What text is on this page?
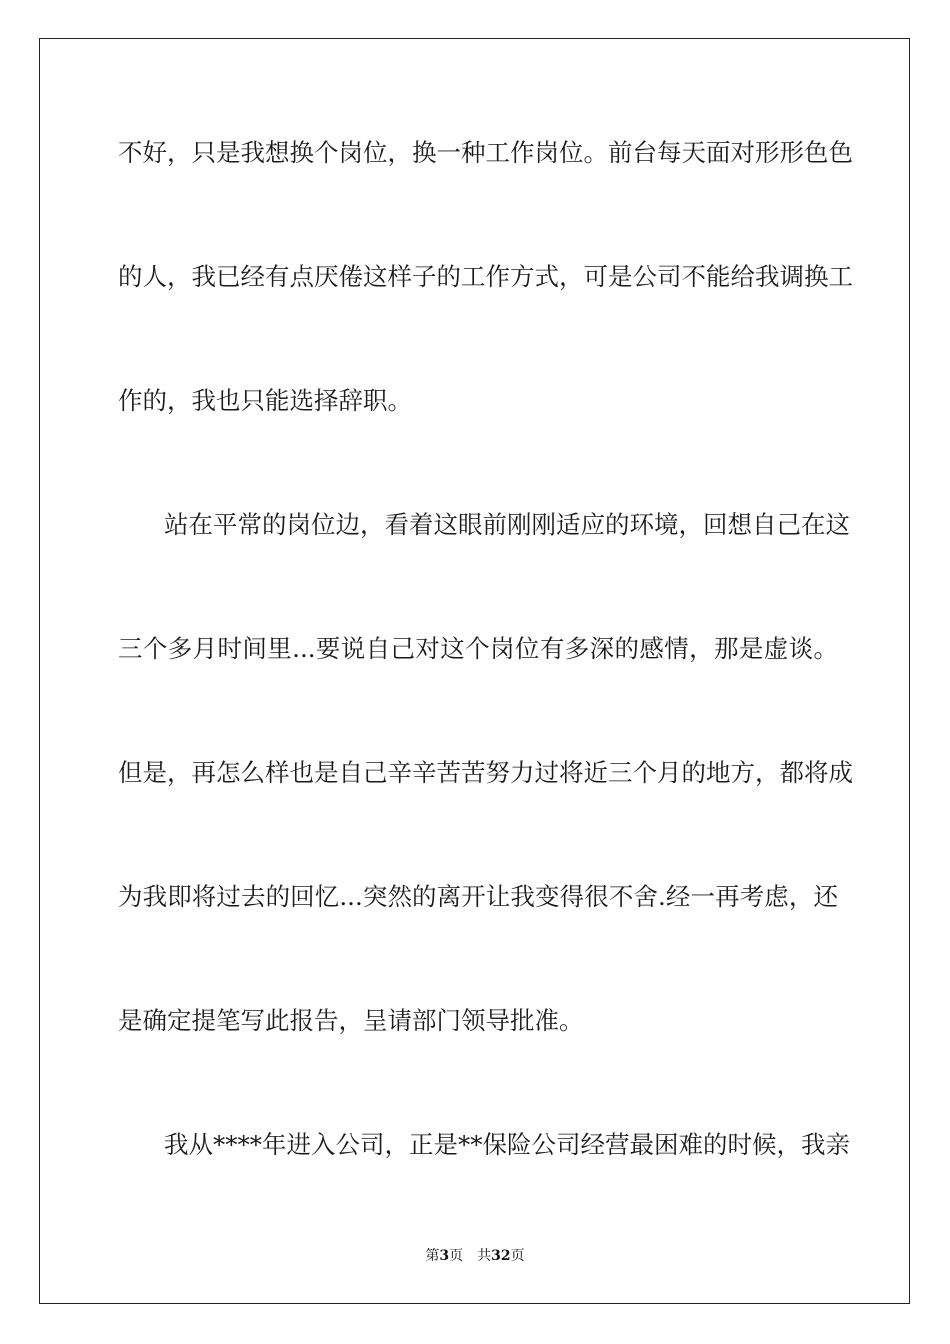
不好，只是我想换个岗位，换一种工作岗位。前台每天面对形形色色
的人，我已经有点厌倦这样子的工作方式，可是公司不能给我调换工
作的，我也只能选择辞职。
站在平常的岗位边，看着这眼前刚刚适应的环境，回想自己在这
三个多月时间里...要说自己对这个岗位有多深的感情，那是虚谈。
但是，再怎么样也是自己辛辛苦苦努力过将近三个月的地方，都将成
为我即将过去的回忆...突然的离开让我变得很不舍.经一再考虑，还
是确定提笔写此报告，呈请部门领导批准。
我从****年进入公司，正是**保险公司经营最困难的时候，我亲
第3页 共32页
